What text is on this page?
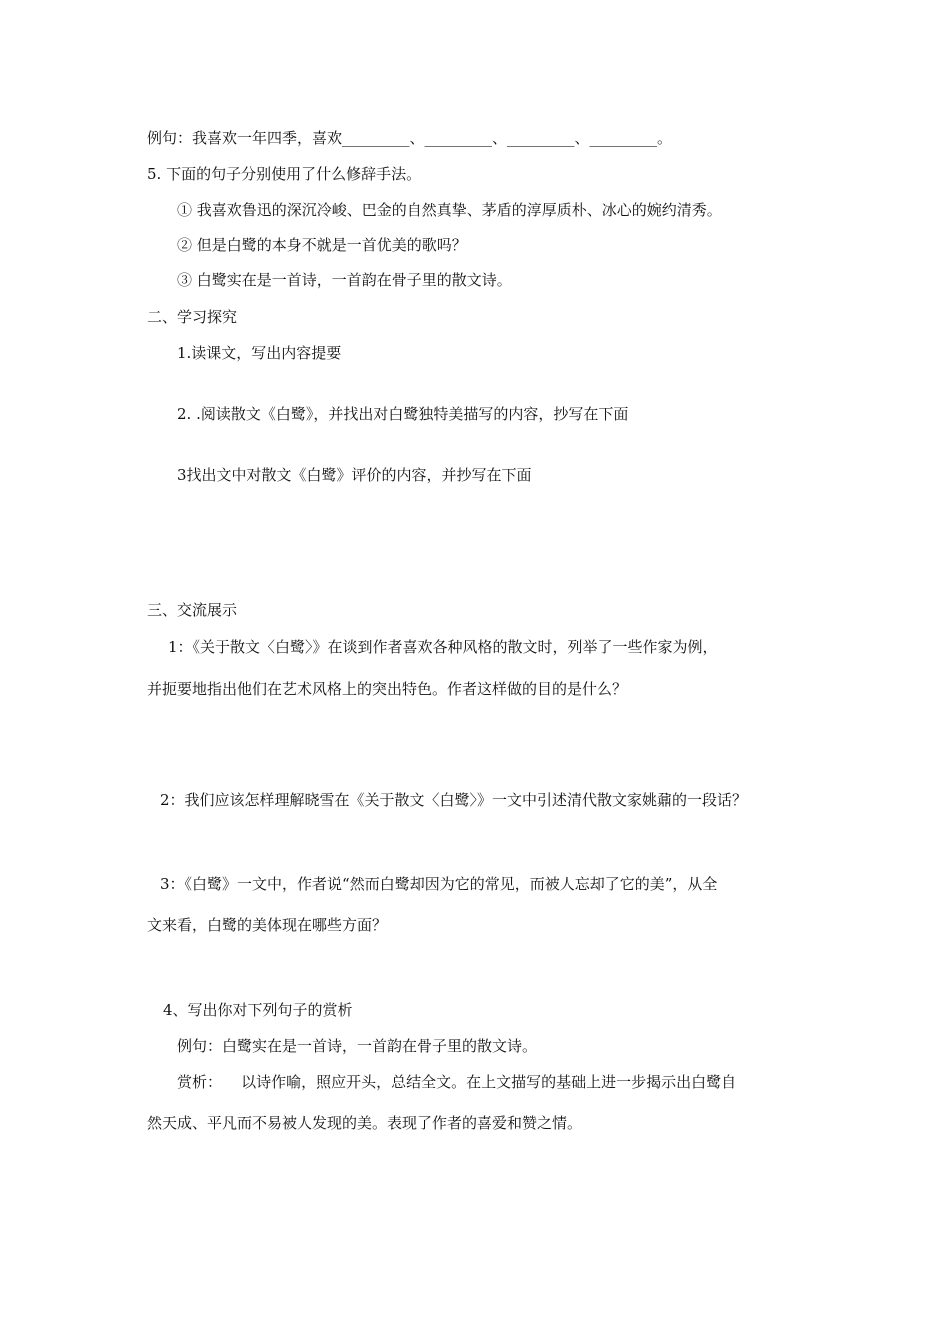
例句：我喜欢一年四季，喜欢_________、_________、_________、_________。
5. 下面的句子分别使用了什么修辞手法。
① 我喜欢鲁迅的深沉冷峻、巴金的自然真挚、茅盾的淳厚质朴、冰心的婉约清秀。
② 但是白鹭的本身不就是一首优美的歌吗？
③ 白鹭实在是一首诗，一首韵在骨子里的散文诗。
二、学习探究
1.读课文，写出内容提要
2. .阅读散文《白鹭》，并找出对白鹭独特美描写的内容，抄写在下面
3找出文中对散文《白鹭》评价的内容，并抄写在下面
三、交流展示
1：《关于散文〈白鹭〉》在谈到作者喜欢各种风格的散文时，列举了一些作家为例，
并扼要地指出他们在艺术风格上的突出特色。作者这样做的目的是什么？
2：我们应该怎样理解晓雪在《关于散文〈白鹭〉》一文中引述清代散文家姚鼐的一段话？
3：《白鹭》一文中，作者说“然而白鹭却因为它的常见，而被人忘却了它的美”，从全
文来看，白鹭的美体现在哪些方面？
4、写出你对下列句子的赏析
例句：白鹭实在是一首诗，一首韵在骨子里的散文诗。
赏析：    以诗作喻，照应开头，总结全文。在上文描写的基础上进一步揭示出白鹭自
然天成、平凡而不易被人发现的美。表现了作者的喜爱和赞之情。
